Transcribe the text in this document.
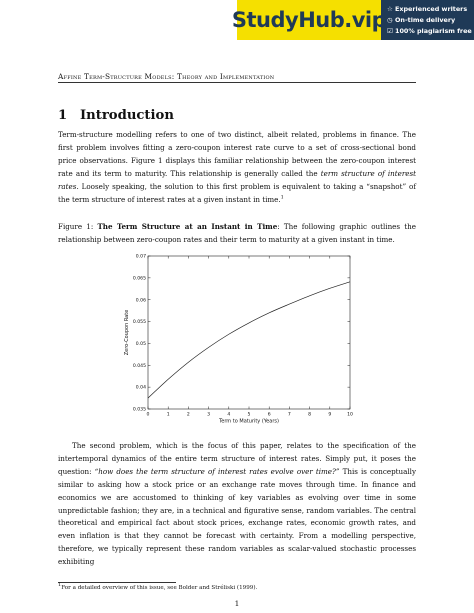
StudyHub.vip ☆ Experienced writers
◷ On-time delivery
☑ 100% plagiarism free
Affine Term-Structure Models: Theory and Implementation
1 Introduction
Term-structure modelling refers to one of two distinct, albeit related, problems in finance. The first problem involves fitting a zero-coupon interest rate curve to a set of cross-sectional bond price observations. Figure 1 displays this familiar relationship between the zero-coupon interest rate and its term to maturity. This relationship is generally called the term structure of interest rates. Loosely speaking, the solution to this first problem is equivalent to taking a “snapshot” of the term structure of interest rates at a given instant in time.$^1$
Figure 1: The Term Structure at an Instant in Time: The following graphic outlines the relationship between zero-coupon rates and their term to maturity at a given instant in time.
0	1	2	3	4	5	6	7	8	9	10
0.035
0.04
0.045
0.05
0.055
0.06
0.065
0.07
Term to Maturity (Years)
Zero-Coupon Rate
The second problem, which is the focus of this paper, relates to the specification of the intertemporal dynamics of the entire term structure of interest rates. Simply put, it poses the question: “how does the term structure of interest rates evolve over time?” This is conceptually similar to asking how a stock price or an exchange rate moves through time. In finance and economics we are accustomed to thinking of key variables as evolving over time in some unpredictable fashion; they are, in a technical and figurative sense, random variables. The central theoretical and empirical fact about stock prices, exchange rates, economic growth rates, and even inflation is that they cannot be forecast with certainty. From a modelling perspective, therefore, we typically represent these random variables as scalar-valued stochastic processes exhibiting
$^1$For a detailed overview of this issue, see Bolder and Stréliski (1999).
1
